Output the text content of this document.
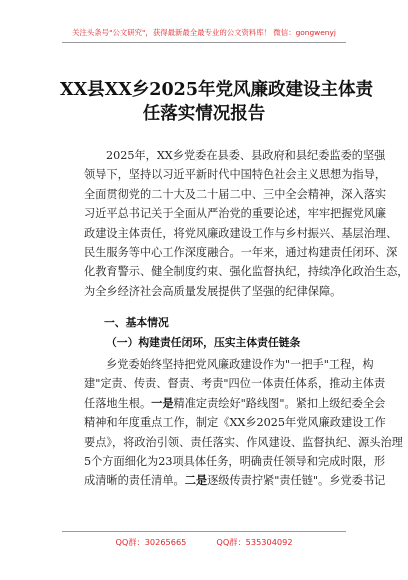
关注头条号"公文研究"，获得最新最全最专业的公文资料库！ 微信：gongwenyj
XX县XX乡2025年党风廉政建设主体责
任落实情况报告
2025年，XX乡党委在县委、县政府和县纪委监委的坚强
领导下，坚持以习近平新时代中国特色社会主义思想为指导，
全面贯彻党的二十大及二十届二中、三中全会精神，深入落实
习近平总书记关于全面从严治党的重要论述，牢牢把握党风廉
政建设主体责任，将党风廉政建设工作与乡村振兴、基层治理、
民生服务等中心工作深度融合。一年来，通过构建责任闭环、深
化教育警示、健全制度约束、强化监督执纪，持续净化政治生态，
为全乡经济社会高质量发展提供了坚强的纪律保障。
一、基本情况
（一）构建责任闭环，压实主体责任链条
乡党委始终坚持把党风廉政建设作为"一把手"工程，构
建"定责、传责、督责、考责"四位一体责任体系，推动主体责
任落地生根。一是精准定责绘好"路线图"。紧扣上级纪委全会
精神和年度重点工作，制定《XX乡2025年党风廉政建设工作
要点》，将政治引领、责任落实、作风建设、监督执纪、源头治理
5个方面细化为23项具体任务，明确责任领导和完成时限，形
成清晰的责任清单。二是逐级传责拧紧"责任链"。乡党委书记
QQ群：30265665	QQ群：535304092
